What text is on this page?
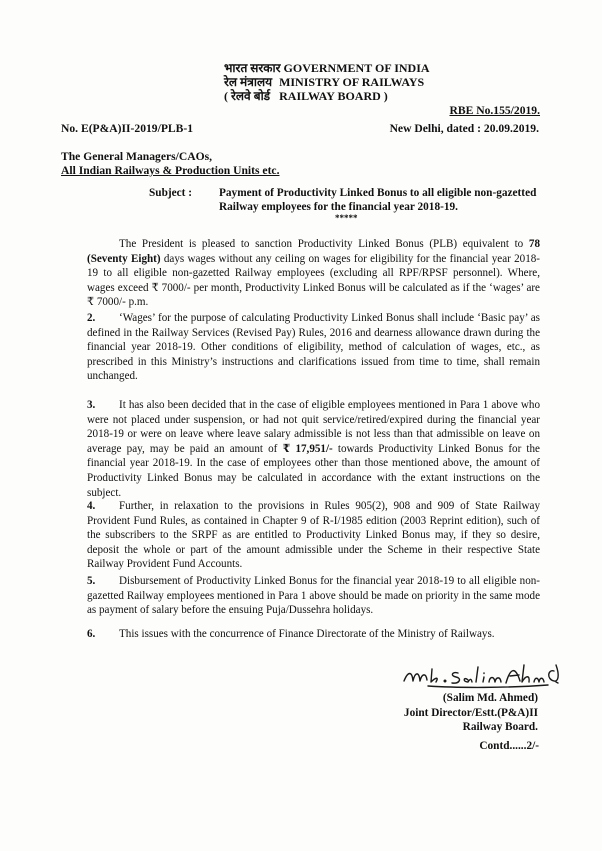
भारत सरकार GOVERNMENT OF INDIA
रेल मंत्रालय MINISTRY OF RAILWAYS
( रेलवे बोर्ड RAILWAY BOARD )
RBE No.155/2019.
No. E(P&A)II-2019/PLB-1	New Delhi, dated : 20.09.2019.
The General Managers/CAOs,
All Indian Railways & Production Units etc.
Subject : Payment of Productivity Linked Bonus to all eligible non-gazetted
Railway employees for the financial year 2018-19.
*****
The President is pleased to sanction Productivity Linked Bonus (PLB) equivalent to 78 (Seventy Eight) days wages without any ceiling on wages for eligibility for the financial year 2018-19 to all eligible non-gazetted Railway employees (excluding all RPF/RPSF personnel). Where, wages exceed ₹ 7000/- per month, Productivity Linked Bonus will be calculated as if the ‘wages’ are ₹ 7000/- p.m.
2. ‘Wages’ for the purpose of calculating Productivity Linked Bonus shall include ‘Basic pay’ as defined in the Railway Services (Revised Pay) Rules, 2016 and dearness allowance drawn during the financial year 2018-19. Other conditions of eligibility, method of calculation of wages, etc., as prescribed in this Ministry’s instructions and clarifications issued from time to time, shall remain unchanged.
3. It has also been decided that in the case of eligible employees mentioned in Para 1 above who were not placed under suspension, or had not quit service/retired/expired during the financial year 2018-19 or were on leave where leave salary admissible is not less than that admissible on leave on average pay, may be paid an amount of ₹ 17,951/- towards Productivity Linked Bonus for the financial year 2018-19. In the case of employees other than those mentioned above, the amount of Productivity Linked Bonus may be calculated in accordance with the extant instructions on the subject.
4. Further, in relaxation to the provisions in Rules 905(2), 908 and 909 of State Railway Provident Fund Rules, as contained in Chapter 9 of R-I/1985 edition (2003 Reprint edition), such of the subscribers to the SRPF as are entitled to Productivity Linked Bonus may, if they so desire, deposit the whole or part of the amount admissible under the Scheme in their respective State Railway Provident Fund Accounts.
5. Disbursement of Productivity Linked Bonus for the financial year 2018-19 to all eligible non-gazetted Railway employees mentioned in Para 1 above should be made on priority in the same mode as payment of salary before the ensuing Puja/Dussehra holidays.
6. This issues with the concurrence of Finance Directorate of the Ministry of Railways.
(Salim Md. Ahmed)
Joint Director/Estt.(P&A)II
Railway Board.
Contd......2/-
